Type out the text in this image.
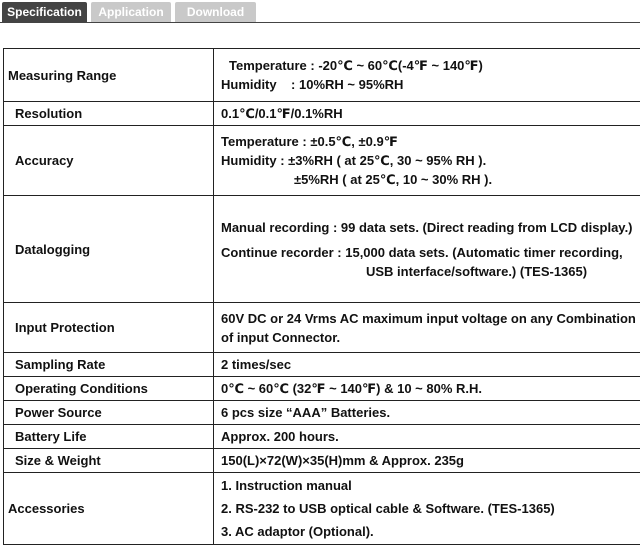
Specification	Application	Download
Measuring Range	Temperature : -20℃ ~ 60℃(-4℉ ~ 140℉)
Humidity    : 10%RH ~ 95%RH

Resolution	0.1℃/0.1℉/0.1%RH
Accuracy	Temperature : ±0.5℃, ±0.9℉
Humidity : ±3%RH ( at 25℃, 30 ~ 95% RH ).
±5%RH ( at 25℃, 10 ~ 30% RH ).

Datalogging	Manual recording : 99 data sets. (Direct reading from LCD display.)
Continue recorder : 15,000 data sets. (Automatic timer recording,
USB interface/software.) (TES-1365)

Input Protection	60V DC or 24 Vrms AC maximum input voltage on any Combination
of input Connector.

Sampling Rate	2 times/sec
Operating Conditions	0℃ ~ 60℃ (32℉ ~ 140℉) & 10 ~ 80% R.H.
Power Source	6 pcs size “AAA” Batteries.
Battery Life	Approx. 200 hours.
Size & Weight	150(L)×72(W)×35(H)mm & Approx. 235g
Accessories	1. Instruction manual
2. RS-232 to USB optical cable & Software. (TES-1365)
3. AC adaptor (Optional).
